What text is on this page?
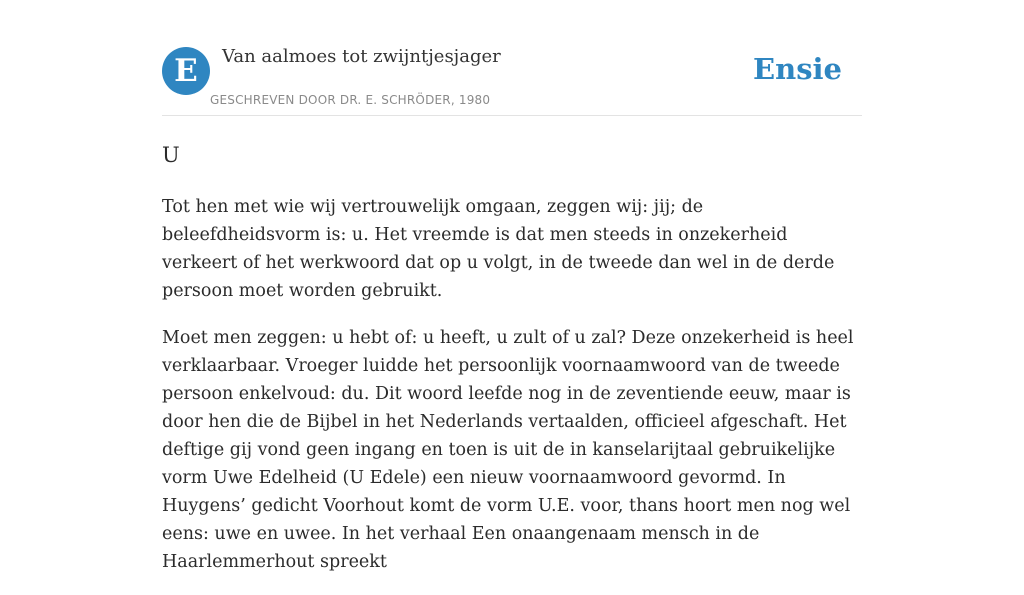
E	Van aalmoes tot zwijntjesjager
GESCHREVEN DOOR DR. E. SCHRÖDER, 1980
Ensie
U

Tot hen met wie wij vertrouwelijk omgaan, zeggen wij: jij; de beleefdheidsvorm is: u. Het vreemde is dat men steeds in onzekerheid verkeert of het werkwoord dat op u volgt, in de tweede dan wel in de derde persoon moet worden gebruikt.

Moet men zeggen: u hebt of: u heeft, u zult of u zal? Deze onzekerheid is heel verklaarbaar. Vroeger luidde het persoonlijk voornaamwoord van de tweede persoon enkelvoud: du. Dit woord leefde nog in de zeventiende eeuw, maar is door hen die de Bijbel in het Nederlands vertaalden, officieel afgeschaft. Het deftige gij vond geen ingang en toen is uit de in kanselarijtaal gebruikelijke vorm Uwe Edelheid (U Edele) een nieuw voornaamwoord gevormd. In Huygens’ gedicht Voorhout komt de vorm U.E. voor, thans hoort men nog wel eens: uwe en uwee. In het verhaal Een onaangenaam mensch in de Haarlemmerhout spreekt
